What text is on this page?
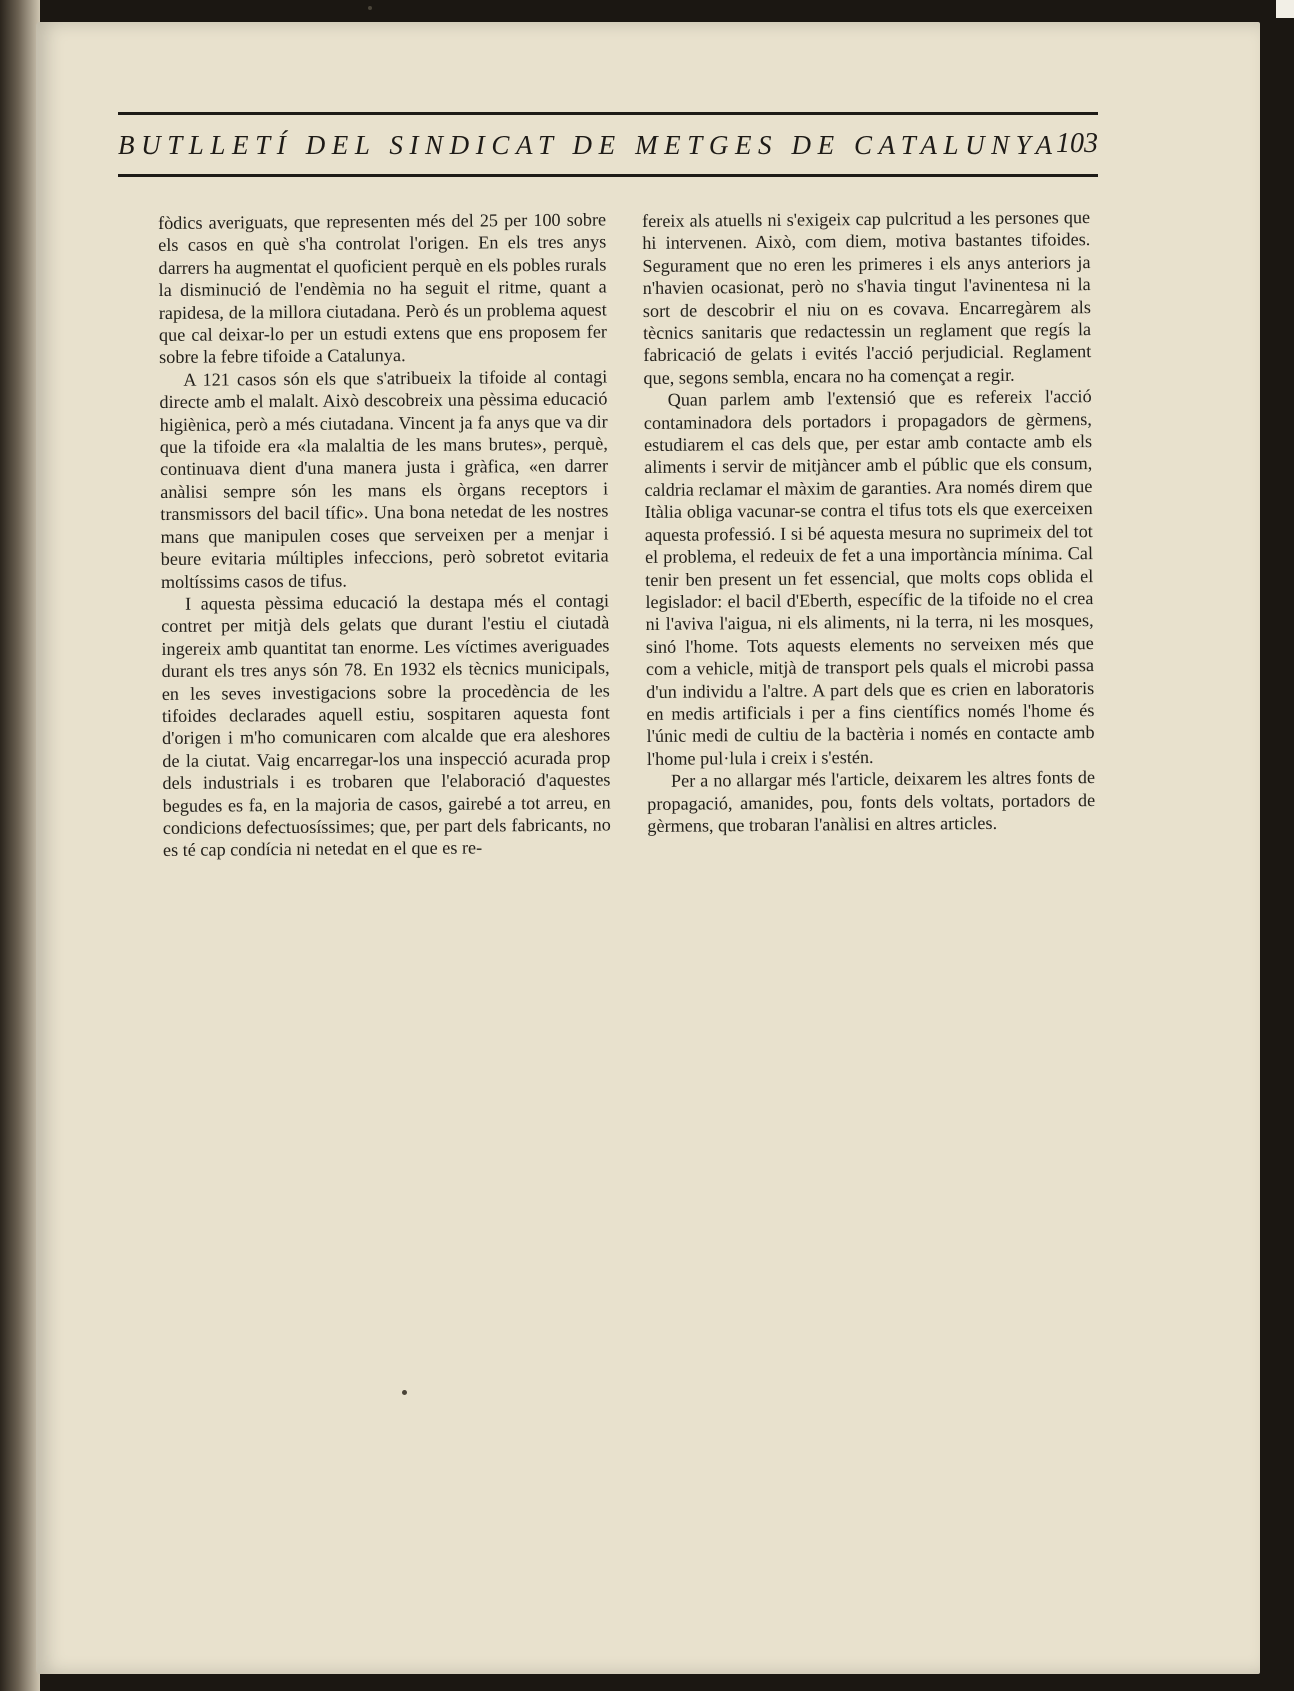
BUTLLETÍ DEL SINDICAT DE METGES DE CATALUNYA
103

fòdics averiguats, que representen més del 25 per 100 sobre els casos en què s'ha controlat l'origen. En els tres anys darrers ha augmentat el quoficient perquè en els pobles rurals la disminució de l'endèmia no ha seguit el ritme, quant a rapidesa, de la millora ciutadana. Però és un problema aquest que cal deixar-lo per un estudi extens que ens proposem fer sobre la febre tifoide a Catalunya.

A 121 casos són els que s'atribueix la tifoide al contagi directe amb el malalt. Això descobreix una pèssima educació higiènica, però a més ciutadana. Vincent ja fa anys que va dir que la tifoide era «la malaltia de les mans brutes», perquè, continuava dient d'una manera justa i gràfica, «en darrer anàlisi sempre són les mans els òrgans receptors i transmissors del bacil tífic». Una bona netedat de les nostres mans que manipulen coses que serveixen per a menjar i beure evitaria múltiples infeccions, però sobretot evitaria moltíssims casos de tifus.

I aquesta pèssima educació la destapa més el contagi contret per mitjà dels gelats que durant l'estiu el ciutadà ingereix amb quantitat tan enorme. Les víctimes averiguades durant els tres anys són 78. En 1932 els tècnics municipals, en les seves investigacions sobre la procedència de les tifoides declarades aquell estiu, sospitaren aquesta font d'origen i m'ho comunicaren com alcalde que era aleshores de la ciutat. Vaig encarregar-los una inspecció acurada prop dels industrials i es trobaren que l'elaboració d'aquestes begudes es fa, en la majoria de casos, gairebé a tot arreu, en condicions defectuosíssimes; que, per part dels fabricants, no es té cap condícia ni netedat en el que es re-

fereix als atuells ni s'exigeix cap pulcritud a les persones que hi intervenen. Això, com diem, motiva bastantes tifoides. Segurament que no eren les primeres i els anys anteriors ja n'havien ocasionat, però no s'havia tingut l'avinentesa ni la sort de descobrir el niu on es covava. Encarregàrem als tècnics sanitaris que redactessin un reglament que regís la fabricació de gelats i evités l'acció perjudicial. Reglament que, segons sembla, encara no ha començat a regir.

Quan parlem amb l'extensió que es refereix l'acció contaminadora dels portadors i propagadors de gèrmens, estudiarem el cas dels que, per estar amb contacte amb els aliments i servir de mitjàncer amb el públic que els consum, caldria reclamar el màxim de garanties. Ara només direm que Itàlia obliga vacunar-se contra el tifus tots els que exerceixen aquesta professió. I si bé aquesta mesura no suprimeix del tot el problema, el redeuix de fet a una importància mínima. Cal tenir ben present un fet essencial, que molts cops oblida el legislador: el bacil d'Eberth, específic de la tifoide no el crea ni l'aviva l'aigua, ni els aliments, ni la terra, ni les mosques, sinó l'home. Tots aquests elements no serveixen més que com a vehicle, mitjà de transport pels quals el microbi passa d'un individu a l'altre. A part dels que es crien en laboratoris en medis artificials i per a fins científics només l'home és l'únic medi de cultiu de la bactèria i només en contacte amb l'home pul·lula i creix i s'estén.

Per a no allargar més l'article, deixarem les altres fonts de propagació, amanides, pou, fonts dels voltats, portadors de gèrmens, que trobaran l'anàlisi en altres articles.
